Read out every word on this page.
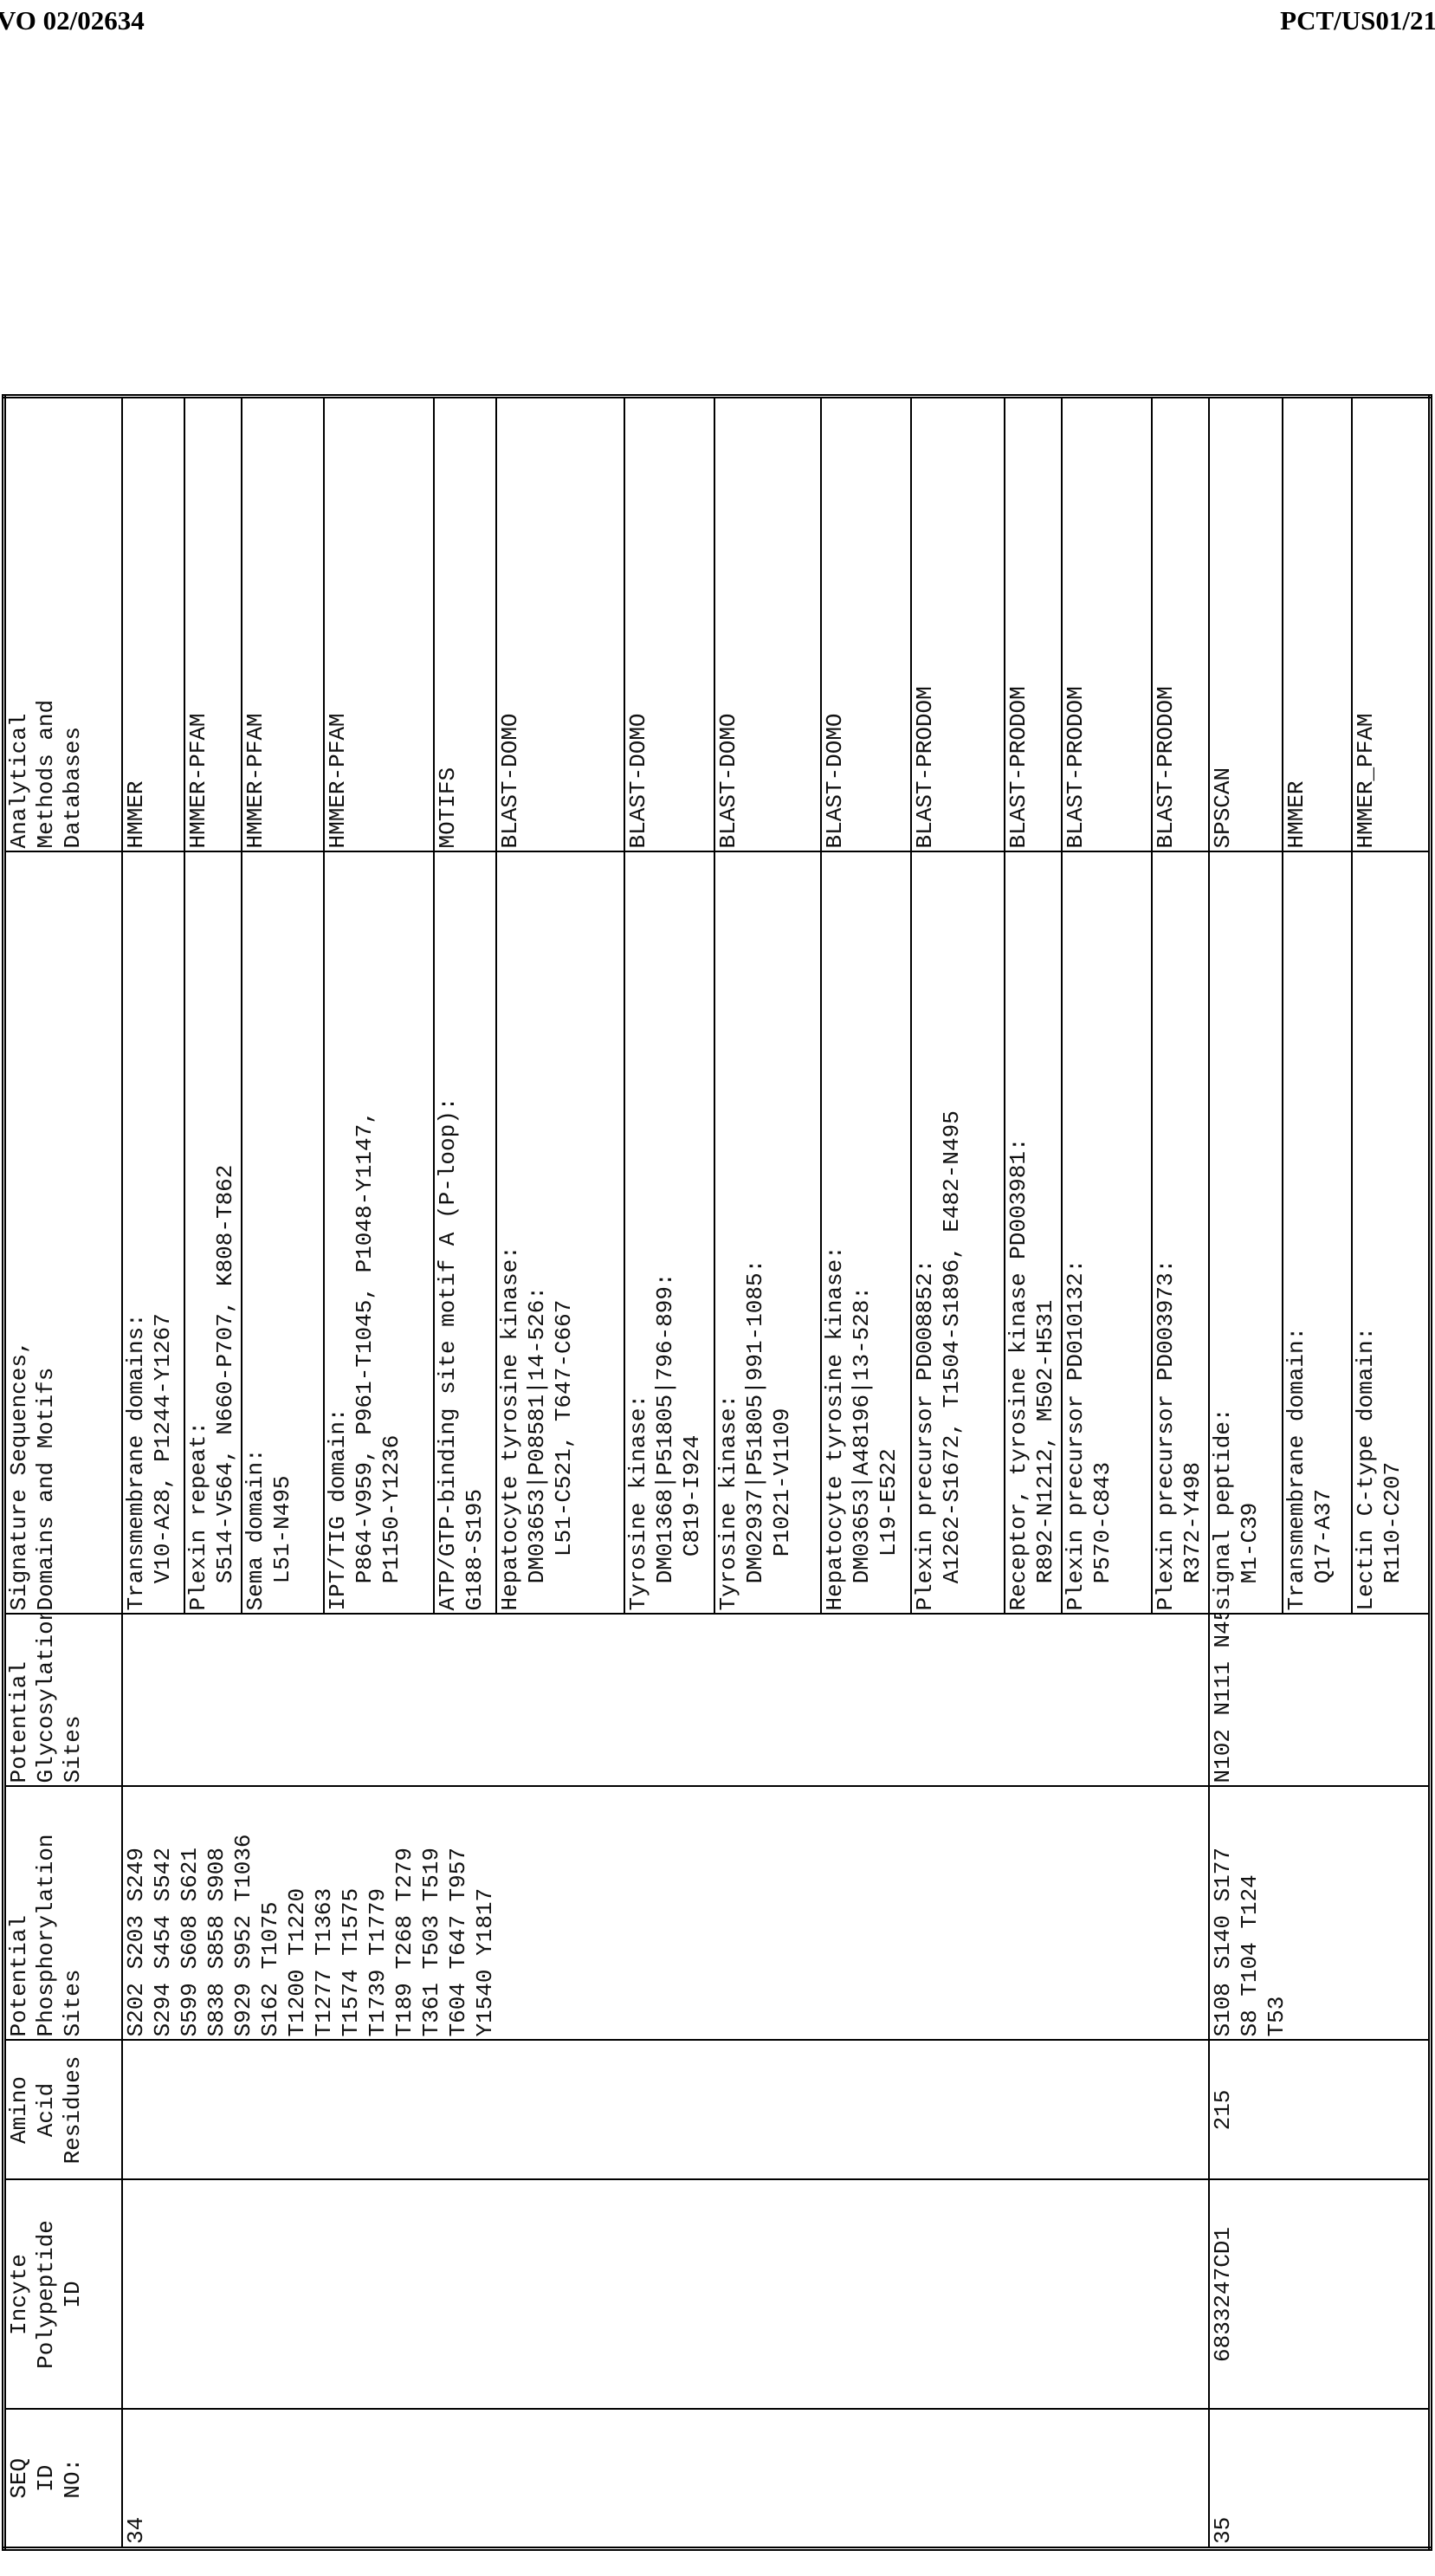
VO 02/02634	PCT/US01/21
SEQ
ID
NO:	Incyte
Polypeptide
ID	Amino
Acid
Residues	Potential
Phosphorylation
Sites	Potential
Glycosylation
Sites	Signature Sequences,
Domains and Motifs	Analytical
Methods and
Databases
34			S202 S203 S249
S294 S454 S542
S599 S608 S621
S838 S858 S908
S929 S952 T1036
S162 T1075
T1200 T1220
T1277 T1363
T1574 T1575
T1739 T1779
T189 T268 T279
T361 T503 T519
T604 T647 T957
Y1540 Y1817		Transmembrane domains:
V10-A28, P1244-Y1267	HMMER
Plexin repeat:
S514-V564, N660-P707, K808-T862	HMMER-PFAM
Sema domain:
L51-N495	HMMER-PFAM
IPT/TIG domain:
P864-V959, P961-T1045, P1048-Y1147,
P1150-Y1236	HMMER-PFAM
ATP/GTP-binding site motif A (P-loop):
G188-S195	MOTIFS
Hepatocyte tyrosine kinase:
DM03653|P08581|14-526:
L51-C521, T647-C667	BLAST-DOMO
Tyrosine kinase:
DM01368|P51805|796-899:
C819-I924	BLAST-DOMO
Tyrosine kinase:
DM02937|P51805|991-1085:
P1021-V1109	BLAST-DOMO
Hepatocyte tyrosine kinase:
DM03653|A48196|13-528:
L19-E522	BLAST-DOMO
Plexin precursor PD008852:
A1262-S1672, T1504-S1896, E482-N495	BLAST-PRODOM
Receptor, tyrosine kinase PD003981:
R892-N1212, M502-H531	BLAST-PRODOM
Plexin precursor PD010132:
P570-C843	BLAST-PRODOM
Plexin precursor PD003973:
R372-Y498	BLAST-PRODOM
35	6833247CD1	215	S108 S140 S177
S8 T104 T124
T53	N102 N111 N45	signal peptide:
M1-C39	SPSCAN
Transmembrane domain:
Q17-A37	HMMER
Lectin C-type domain:
R110-C207	HMMER_PFAM
